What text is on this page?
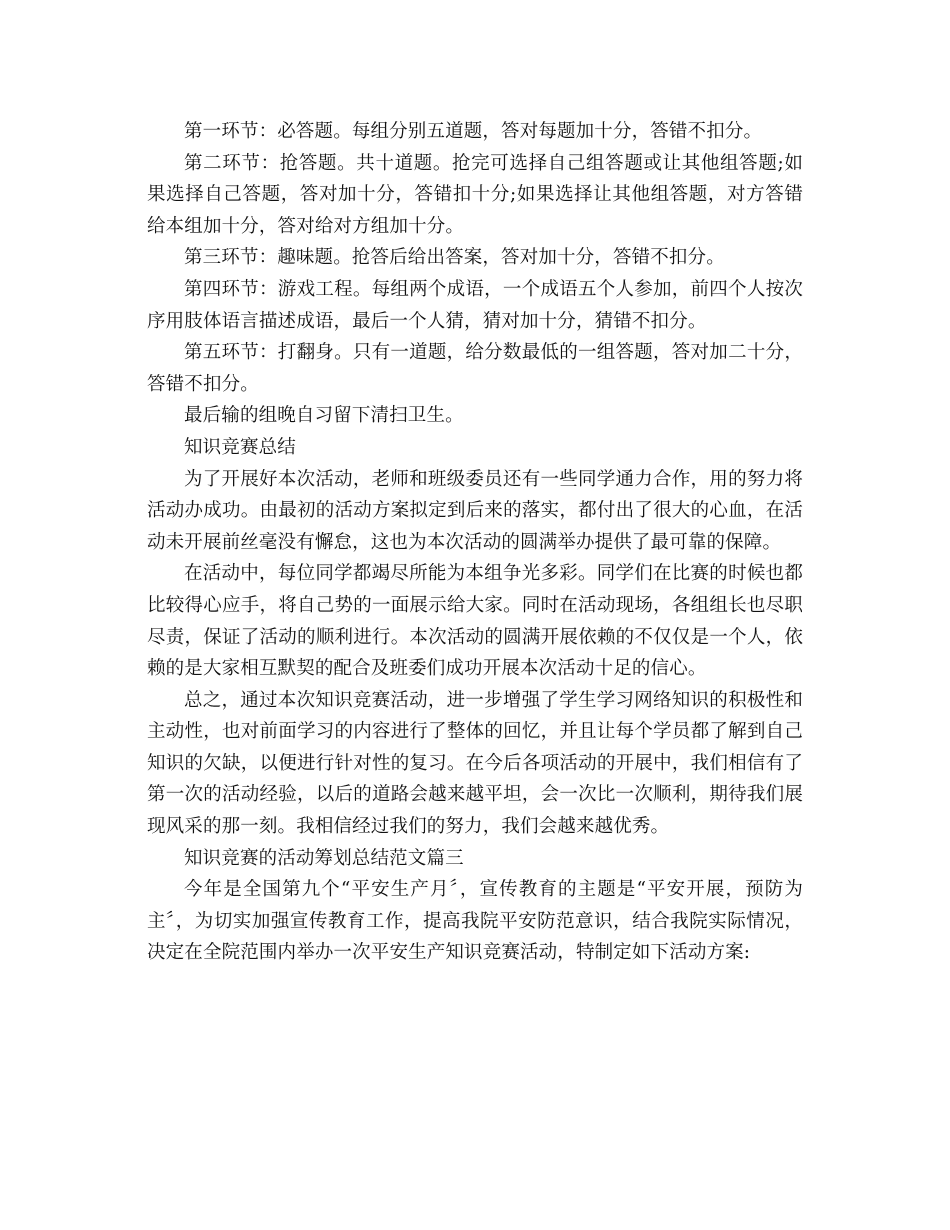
第一环节：必答题。每组分别五道题，答对每题加十分，答错不扣分。

第二环节：抢答题。共十道题。抢完可选择自己组答题或让其他组答题;如果选择自己答题，答对加十分，答错扣十分;如果选择让其他组答题，对方答错给本组加十分，答对给对方组加十分。

第三环节：趣味题。抢答后给出答案，答对加十分，答错不扣分。

第四环节：游戏工程。每组两个成语，一个成语五个人参加，前四个人按次序用肢体语言描述成语，最后一个人猜，猜对加十分，猜错不扣分。

第五环节：打翻身。只有一道题，给分数最低的一组答题，答对加二十分，答错不扣分。

最后输的组晚自习留下清扫卫生。

知识竞赛总结

为了开展好本次活动，老师和班级委员还有一些同学通力合作，用的努力将活动办成功。由最初的活动方案拟定到后来的落实，都付出了很大的心血，在活动未开展前丝毫没有懈怠，这也为本次活动的圆满举办提供了最可靠的保障。

在活动中，每位同学都竭尽所能为本组争光多彩。同学们在比赛的时候也都比较得心应手，将自己势的一面展示给大家。同时在活动现场，各组组长也尽职尽责，保证了活动的顺利进行。本次活动的圆满开展依赖的不仅仅是一个人，依赖的是大家相互默契的配合及班委们成功开展本次活动十足的信心。

总之，通过本次知识竞赛活动，进一步增强了学生学习网络知识的积极性和主动性，也对前面学习的内容进行了整体的回忆，并且让每个学员都了解到自己知识的欠缺，以便进行针对性的复习。在今后各项活动的开展中，我们相信有了第一次的活动经验，以后的道路会越来越平坦，会一次比一次顺利，期待我们展现风采的那一刻。我相信经过我们的努力，我们会越来越优秀。

知识竞赛的活动筹划总结范文篇三

今年是全国第九个“平安生产月〞，宣传教育的主题是“平安开展，预防为主〞，为切实加强宣传教育工作，提高我院平安防范意识，结合我院实际情况，决定在全院范围内举办一次平安生产知识竞赛活动，特制定如下活动方案:
